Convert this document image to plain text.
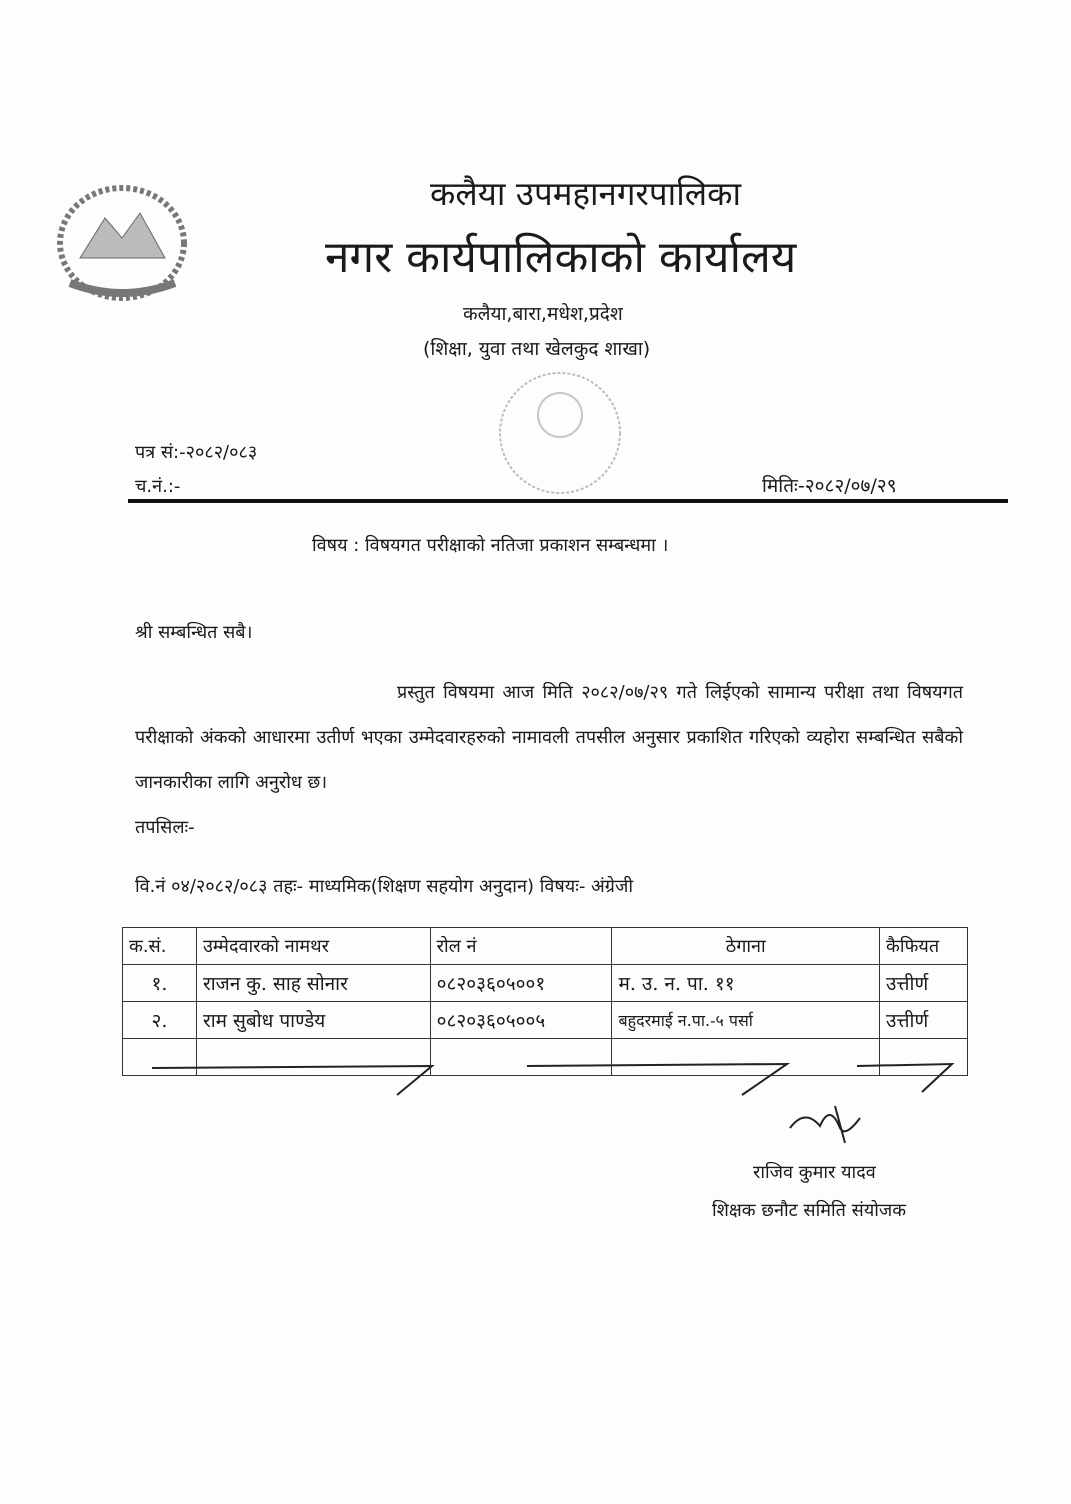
कलैया उपमहानगरपालिका
नगर कार्यपालिकाको कार्यालय
कलैया,बारा,मधेश,प्रदेश
(शिक्षा, युवा तथा खेलकुद शाखा)
पत्र सं:-२०८२/०८३
च.नं.:-	मितिः-२०८२/०७/२९
विषय : विषयगत परीक्षाको नतिजा प्रकाशन सम्बन्धमा ।
श्री सम्बन्धित सबै।
प्रस्तुत विषयमा आज मिति २०८२/०७/२९ गते लिईएको सामान्य परीक्षा तथा विषयगत परीक्षाको अंकको आधारमा उतीर्ण भएका उम्मेदवारहरुको नामावली तपसील अनुसार प्रकाशित गरिएको व्यहोरा सम्बन्धित सबैको जानकारीका लागि अनुरोध छ।
तपसिलः-
वि.नं ०४/२०८२/०८३ तहः- माध्यमिक(शिक्षण सहयोग अनुदान) विषयः- अंग्रेजी
क.सं.	उम्मेदवारको नामथर	रोल नं	ठेगाना	कैफियत
१.	राजन कु. साह सोनार	०८२०३६०५००१	म. उ. न. पा. ११	उत्तीर्ण
२.	राम सुबोध पाण्डेय	०८२०३६०५००५	बहुदरमाई न.पा.-५ पर्सा	उत्तीर्ण

राजिव कुमार यादव
शिक्षक छनौट समिति संयोजक
